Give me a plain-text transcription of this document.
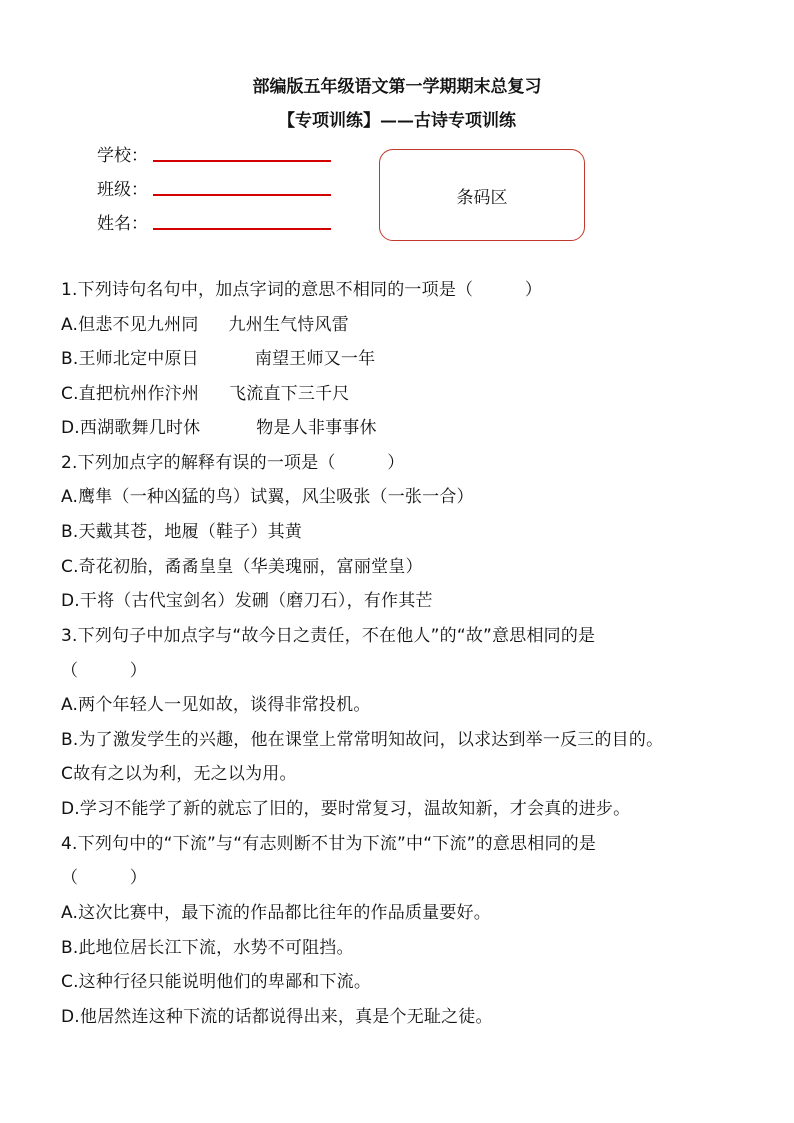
部编版五年级语文第一学期期末总复习
【专项训练】——古诗专项训练
学校：
班级：
姓名：
条码区
1.下列诗句名句中，加点字词的意思不相同的一项是（　　　）
A.但悲不见九州同 九州生气恃风雷
B.王师北定中原日	南望王师又一年
C.直把杭州作汴州 飞流直下三千尺
D.西湖歌舞几时休	物是人非事事休
2.下列加点字的解释有误的一项是（　　　）
A.鹰隼（一种凶猛的鸟）试翼，风尘吸张（一张一合）
B.天戴其苍，地履（鞋子）其黄
C.奇花初胎，矞矞皇皇（华美瑰丽，富丽堂皇）
D.干将（古代宝剑名）发硎（磨刀石），有作其芒
3.下列句子中加点字与“故今日之责任，不在他人”的“故”意思相同的是
（　　　）
A.两个年轻人一见如故，谈得非常投机。
B.为了激发学生的兴趣，他在课堂上常常明知故问，以求达到举一反三的目的。
C故有之以为利，无之以为用。
D.学习不能学了新的就忘了旧的，要时常复习，温故知新，才会真的进步。
4.下列句中的“下流”与“有志则断不甘为下流”中“下流”的意思相同的是
（　　　）
A.这次比赛中，最下流的作品都比往年的作品质量要好。
B.此地位居长江下流，水势不可阻挡。
C.这种行径只能说明他们的卑鄙和下流。
D.他居然连这种下流的话都说得出来，真是个无耻之徒。
